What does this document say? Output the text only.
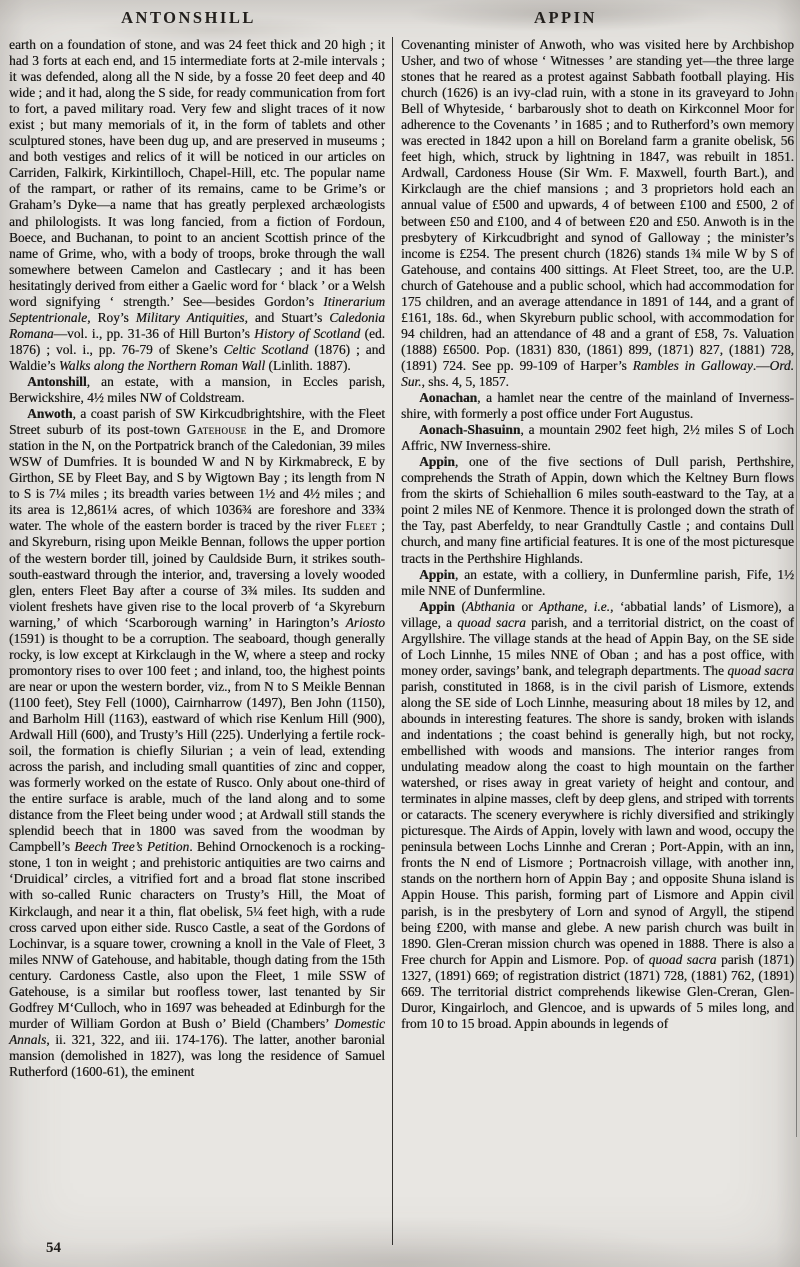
ANTONSHILL	APPIN

earth on a foundation of stone, and was 24 feet thick and 20 high ; it had 3 forts at each end, and 15 intermediate forts at 2-mile intervals ; it was defended, along all the N side, by a fosse 20 feet deep and 40 wide ; and it had, along the S side, for ready communication from fort to fort, a paved military road. Very few and slight traces of it now exist ; but many memorials of it, in the form of tablets and other sculptured stones, have been dug up, and are preserved in museums ; and both vestiges and relics of it will be noticed in our articles on Carriden, Falkirk, Kirkintilloch, Chapel-Hill, etc. The popular name of the rampart, or rather of its remains, came to be Grime’s or Graham’s Dyke—a name that has greatly perplexed archæologists and philologists. It was long fancied, from a fiction of Fordoun, Boece, and Buchanan, to point to an ancient Scottish prince of the name of Grime, who, with a body of troops, broke through the wall somewhere between Camelon and Castlecary ; and it has been hesitatingly derived from either a Gaelic word for ‘ black ’ or a Welsh word signifying ‘ strength.’ See—besides Gordon’s Itinerarium Septentrionale, Roy’s Military Antiquities, and Stuart’s Caledonia Romana—vol. i., pp. 31-36 of Hill Burton’s History of Scotland (ed. 1876) ; vol. i., pp. 76-79 of Skene’s Celtic Scotland (1876) ; and Waldie’s Walks along the Northern Roman Wall (Linlith. 1887).

Antonshill, an estate, with a mansion, in Eccles parish, Berwickshire, 4½ miles NW of Coldstream.

Anwoth, a coast parish of SW Kirkcudbrightshire, with the Fleet Street suburb of its post-town Gatehouse in the E, and Dromore station in the N, on the Portpatrick branch of the Caledonian, 39 miles WSW of Dumfries. It is bounded W and N by Kirkmabreck, E by Girthon, SE by Fleet Bay, and S by Wigtown Bay ; its length from N to S is 7¼ miles ; its breadth varies between 1½ and 4½ miles ; and its area is 12,861¼ acres, of which 1036¾ are foreshore and 33¾ water. The whole of the eastern border is traced by the river Fleet ; and Skyreburn, rising upon Meikle Bennan, follows the upper portion of the western border till, joined by Cauldside Burn, it strikes south-south-eastward through the interior, and, traversing a lovely wooded glen, enters Fleet Bay after a course of 3¾ miles. Its sudden and violent freshets have given rise to the local proverb of ‘a Skyreburn warning,’ of which ‘Scarborough warning’ in Harington’s Ariosto (1591) is thought to be a corruption. The seaboard, though generally rocky, is low except at Kirkclaugh in the W, where a steep and rocky promontory rises to over 100 feet ; and inland, too, the highest points are near or upon the western border, viz., from N to S Meikle Bennan (1100 feet), Stey Fell (1000), Cairnharrow (1497), Ben John (1150), and Barholm Hill (1163), eastward of which rise Kenlum Hill (900), Ardwall Hill (600), and Trusty’s Hill (225). Underlying a fertile rock-soil, the formation is chiefly Silurian ; a vein of lead, extending across the parish, and including small quantities of zinc and copper, was formerly worked on the estate of Rusco. Only about one-third of the entire surface is arable, much of the land along and to some distance from the Fleet being under wood ; at Ardwall still stands the splendid beech that in 1800 was saved from the woodman by Campbell’s Beech Tree’s Petition. Behind Ornockenoch is a rocking-stone, 1 ton in weight ; and prehistoric antiquities are two cairns and ‘Druidical’ circles, a vitrified fort and a broad flat stone inscribed with so-called Runic characters on Trusty’s Hill, the Moat of Kirkclaugh, and near it a thin, flat obelisk, 5¼ feet high, with a rude cross carved upon either side. Rusco Castle, a seat of the Gordons of Lochinvar, is a square tower, crowning a knoll in the Vale of Fleet, 3 miles NNW of Gatehouse, and habitable, though dating from the 15th century. Cardoness Castle, also upon the Fleet, 1 mile SSW of Gatehouse, is a similar but roofless tower, last tenanted by Sir Godfrey M‘Culloch, who in 1697 was beheaded at Edinburgh for the murder of William Gordon at Bush o’ Bield (Chambers’ Domestic Annals, ii. 321, 322, and iii. 174-176). The latter, another baronial mansion (demolished in 1827), was long the residence of Samuel Rutherford (1600-61), the eminent

Covenanting minister of Anwoth, who was visited here by Archbishop Usher, and two of whose ‘ Witnesses ’ are standing yet—the three large stones that he reared as a protest against Sabbath football playing. His church (1626) is an ivy-clad ruin, with a stone in its graveyard to John Bell of Whyteside, ‘ barbarously shot to death on Kirkconnel Moor for adherence to the Covenants ’ in 1685 ; and to Rutherford’s own memory was erected in 1842 upon a hill on Boreland farm a granite obelisk, 56 feet high, which, struck by lightning in 1847, was rebuilt in 1851. Ardwall, Cardoness House (Sir Wm. F. Maxwell, fourth Bart.), and Kirkclaugh are the chief mansions ; and 3 proprietors hold each an annual value of £500 and upwards, 4 of between £100 and £500, 2 of between £50 and £100, and 4 of between £20 and £50. Anwoth is in the presbytery of Kirkcudbright and synod of Galloway ; the minister’s income is £254. The present church (1826) stands 1¾ mile W by S of Gatehouse, and contains 400 sittings. At Fleet Street, too, are the U.P. church of Gatehouse and a public school, which had accommodation for 175 children, and an average attendance in 1891 of 144, and a grant of £161, 18s. 6d., when Skyreburn public school, with accommodation for 94 children, had an attendance of 48 and a grant of £58, 7s. Valuation (1888) £6500. Pop. (1831) 830, (1861) 899, (1871) 827, (1881) 728, (1891) 724. See pp. 99-109 of Harper’s Rambles in Galloway.—Ord. Sur., shs. 4, 5, 1857.

Aonachan, a hamlet near the centre of the mainland of Inverness-shire, with formerly a post office under Fort Augustus.

Aonach-Shasuinn, a mountain 2902 feet high, 2½ miles S of Loch Affric, NW Inverness-shire.

Appin, one of the five sections of Dull parish, Perthshire, comprehends the Strath of Appin, down which the Keltney Burn flows from the skirts of Schiehallion 6 miles south-eastward to the Tay, at a point 2 miles NE of Kenmore. Thence it is prolonged down the strath of the Tay, past Aberfeldy, to near Grandtully Castle ; and contains Dull church, and many fine artificial features. It is one of the most picturesque tracts in the Perthshire Highlands.

Appin, an estate, with a colliery, in Dunfermline parish, Fife, 1½ mile NNE of Dunfermline.

Appin (Abthania or Apthane, i.e., ‘abbatial lands’ of Lismore), a village, a quoad sacra parish, and a territorial district, on the coast of Argyllshire. The village stands at the head of Appin Bay, on the SE side of Loch Linnhe, 15 miles NNE of Oban ; and has a post office, with money order, savings’ bank, and telegraph departments. The quoad sacra parish, constituted in 1868, is in the civil parish of Lismore, extends along the SE side of Loch Linnhe, measuring about 18 miles by 12, and abounds in interesting features. The shore is sandy, broken with islands and indentations ; the coast behind is generally high, but not rocky, embellished with woods and mansions. The interior ranges from undulating meadow along the coast to high mountain on the farther watershed, or rises away in great variety of height and contour, and terminates in alpine masses, cleft by deep glens, and striped with torrents or cataracts. The scenery everywhere is richly diversified and strikingly picturesque. The Airds of Appin, lovely with lawn and wood, occupy the peninsula between Lochs Linnhe and Creran ; Port-Appin, with an inn, fronts the N end of Lismore ; Portnacroish village, with another inn, stands on the northern horn of Appin Bay ; and opposite Shuna island is Appin House. This parish, forming part of Lismore and Appin civil parish, is in the presbytery of Lorn and synod of Argyll, the stipend being £200, with manse and glebe. A new parish church was built in 1890. Glen-Creran mission church was opened in 1888. There is also a Free church for Appin and Lismore. Pop. of quoad sacra parish (1871) 1327, (1891) 669; of registration district (1871) 728, (1881) 762, (1891) 669. The territorial district comprehends likewise Glen-Creran, Glen-Duror, Kingairloch, and Glencoe, and is upwards of 5 miles long, and from 10 to 15 broad. Appin abounds in legends of

54
